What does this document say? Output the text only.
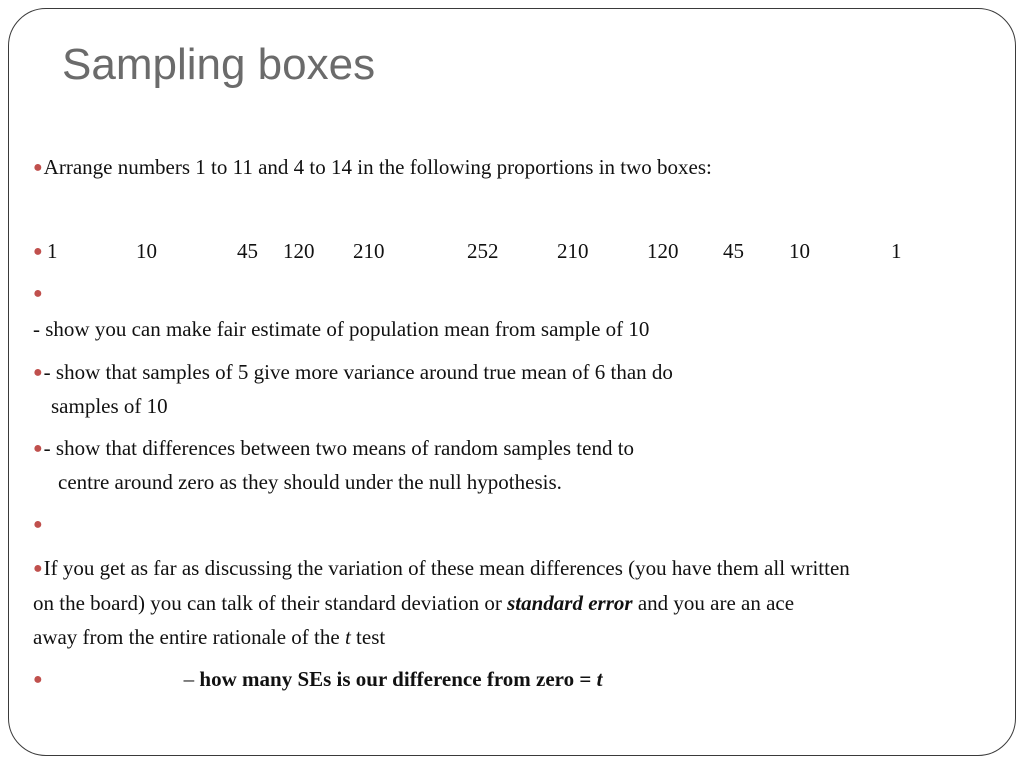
Sampling boxes

●Arrange numbers 1 to 11 and 4 to 14 in the following proportions in two boxes:

● 1	10	45 120 210	252	210	120 45 10	1

●

- show you can make fair estimate of population mean from sample of 10

●- show that samples of 5 give more variance around true mean of 6 than do

samples of 10

●- show that differences between two means of random samples tend to

centre around zero as they should under the null hypothesis.

●

●If you get as far as discussing the variation of these mean differences (you have them all written

on the board) you can talk of their standard deviation or standard error and you are an ace

away from the entire rationale of the t test

●	– how many SEs is our difference from zero = t
